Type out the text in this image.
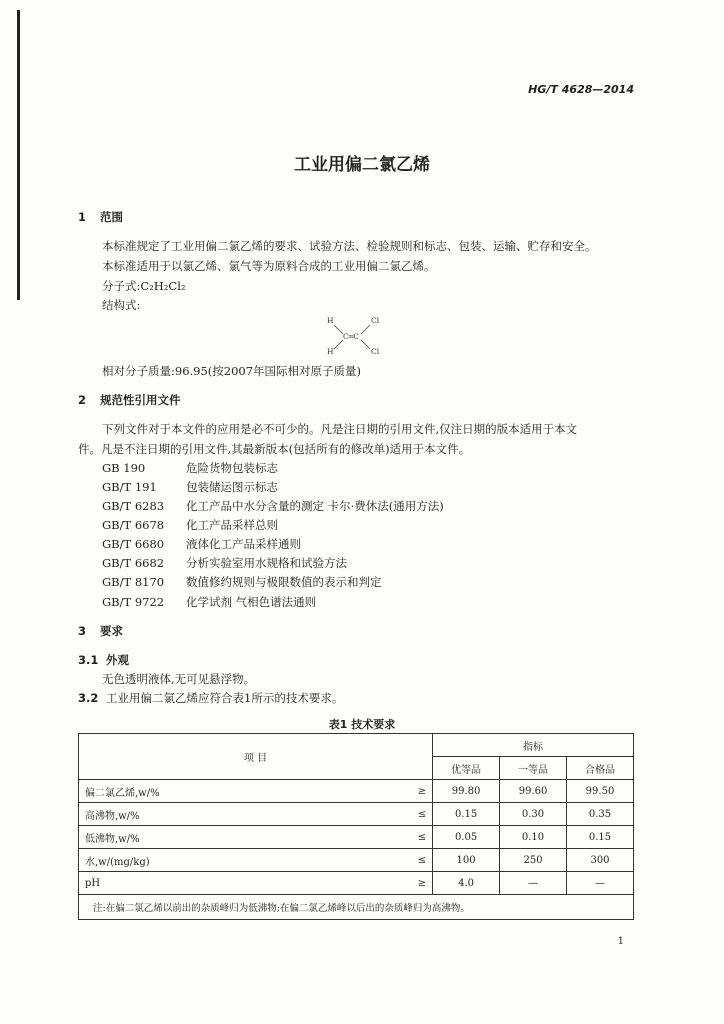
HG/T 4628—2014
工业用偏二氯乙烯
1 范围
本标准规定了工业用偏二氯乙烯的要求、试验方法、检验规则和标志、包装、运输、贮存和安全。
本标准适用于以氯乙烯、氯气等为原料合成的工业用偏二氯乙烯。
分子式:C₂H₂Cl₂
结构式:
H	Cl
C═C
H	Cl
相对分子质量:96.95(按2007年国际相对原子质量)
2 规范性引用文件
下列文件对于本文件的应用是必不可少的。凡是注日期的引用文件,仅注日期的版本适用于本文
件。凡是不注日期的引用文件,其最新版本(包括所有的修改单)适用于本文件。
GB 190	危险货物包装标志
GB/T 191	包装储运图示标志
GB/T 6283 化工产品中水分含量的测定 卡尔·费休法(通用方法)
GB/T 6678 化工产品采样总则
GB/T 6680 液体化工产品采样通则
GB/T 6682 分析实验室用水规格和试验方法
GB/T 8170 数值修约规则与极限数值的表示和判定
GB/T 9722 化学试剂 气相色谱法通则
3 要求
3.1 外观
无色透明液体,无可见悬浮物。
3.2 工业用偏二氯乙烯应符合表1所示的技术要求。
表1 技术要求
项 目		指标		
		优等品	一等品	合格品
偏二氯乙烯,w/%	≥	99.80	99.60	99.50
高沸物,w/%	≤	0.15	0.30	0.35
低沸物,w/%	≤	0.05	0.10	0.15
水,w/(mg/kg)	≤	100	250	300
pH	≥	4.0	—	—
注:在偏二氯乙烯以前出的杂质峰归为低沸物;在偏二氯乙烯峰以后出的杂质峰归为高沸物。				
1
